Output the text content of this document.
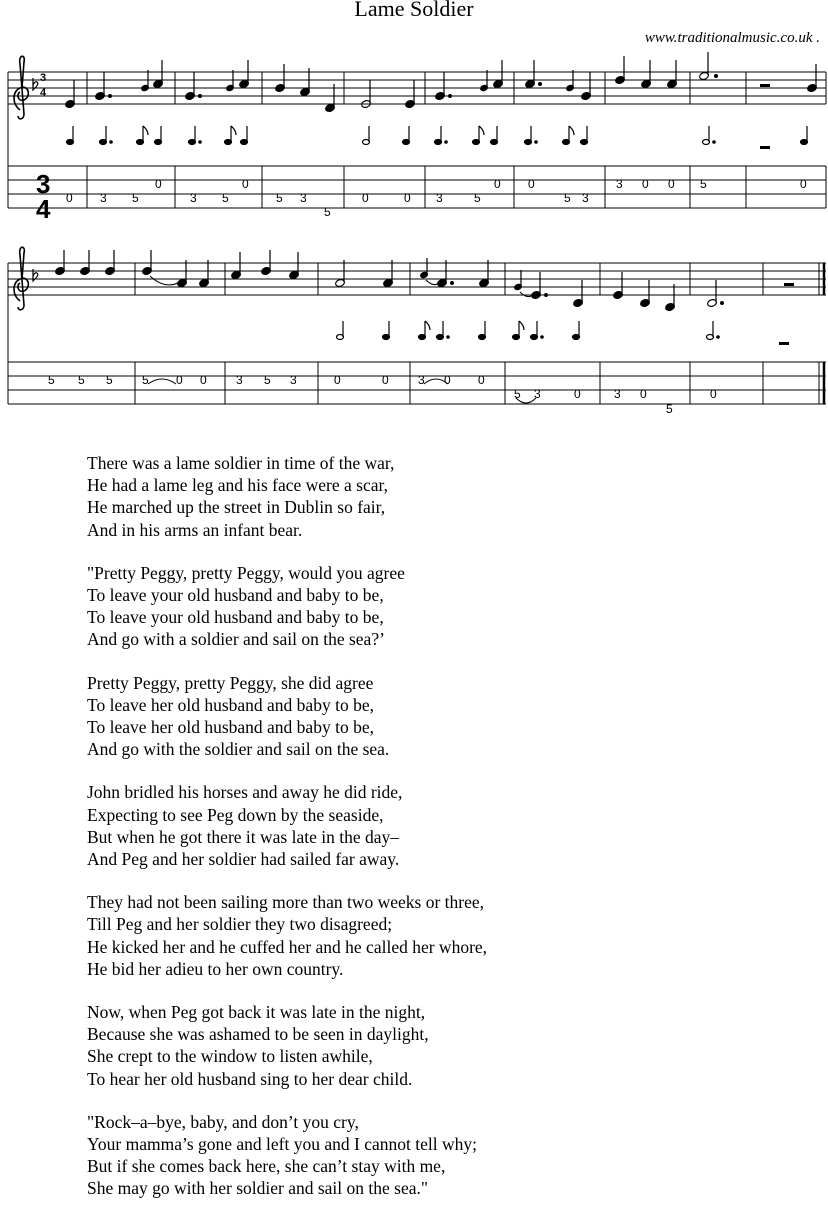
Lame Soldier
www.traditionalmusic.co.uk .
3
4
3
4 0 3 5
0
3 5
0
5 3
5
0	0 3	5
0 0
5 3
3 0 0 5	0
5 5 5 5 0 0 3 5 3	0	0 3 0 0
5 3	0	3 0
5
0
There was a lame soldier in time of the war,
He had a lame leg and his face were a scar,
He marched up the street in Dublin so fair,
And in his arms an infant bear.
"Pretty Peggy, pretty Peggy, would you agree
To leave your old husband and baby to be,
To leave your old husband and baby to be,
And go with a soldier and sail on the sea?’
Pretty Peggy, pretty Peggy, she did agree
To leave her old husband and baby to be,
To leave her old husband and baby to be,
And go with the soldier and sail on the sea.
John bridled his horses and away he did ride,
Expecting to see Peg down by the seaside,
But when he got there it was late in the day–
And Peg and her soldier had sailed far away.
They had not been sailing more than two weeks or three,
Till Peg and her soldier they two disagreed;
He kicked her and he cuffed her and he called her whore,
He bid her adieu to her own country.
Now, when Peg got back it was late in the night,
Because she was ashamed to be seen in daylight,
She crept to the window to listen awhile,
To hear her old husband sing to her dear child.
"Rock–a–bye, baby, and don’t you cry,
Your mamma’s gone and left you and I cannot tell why;
But if she comes back here, she can’t stay with me,
She may go with her soldier and sail on the sea."
